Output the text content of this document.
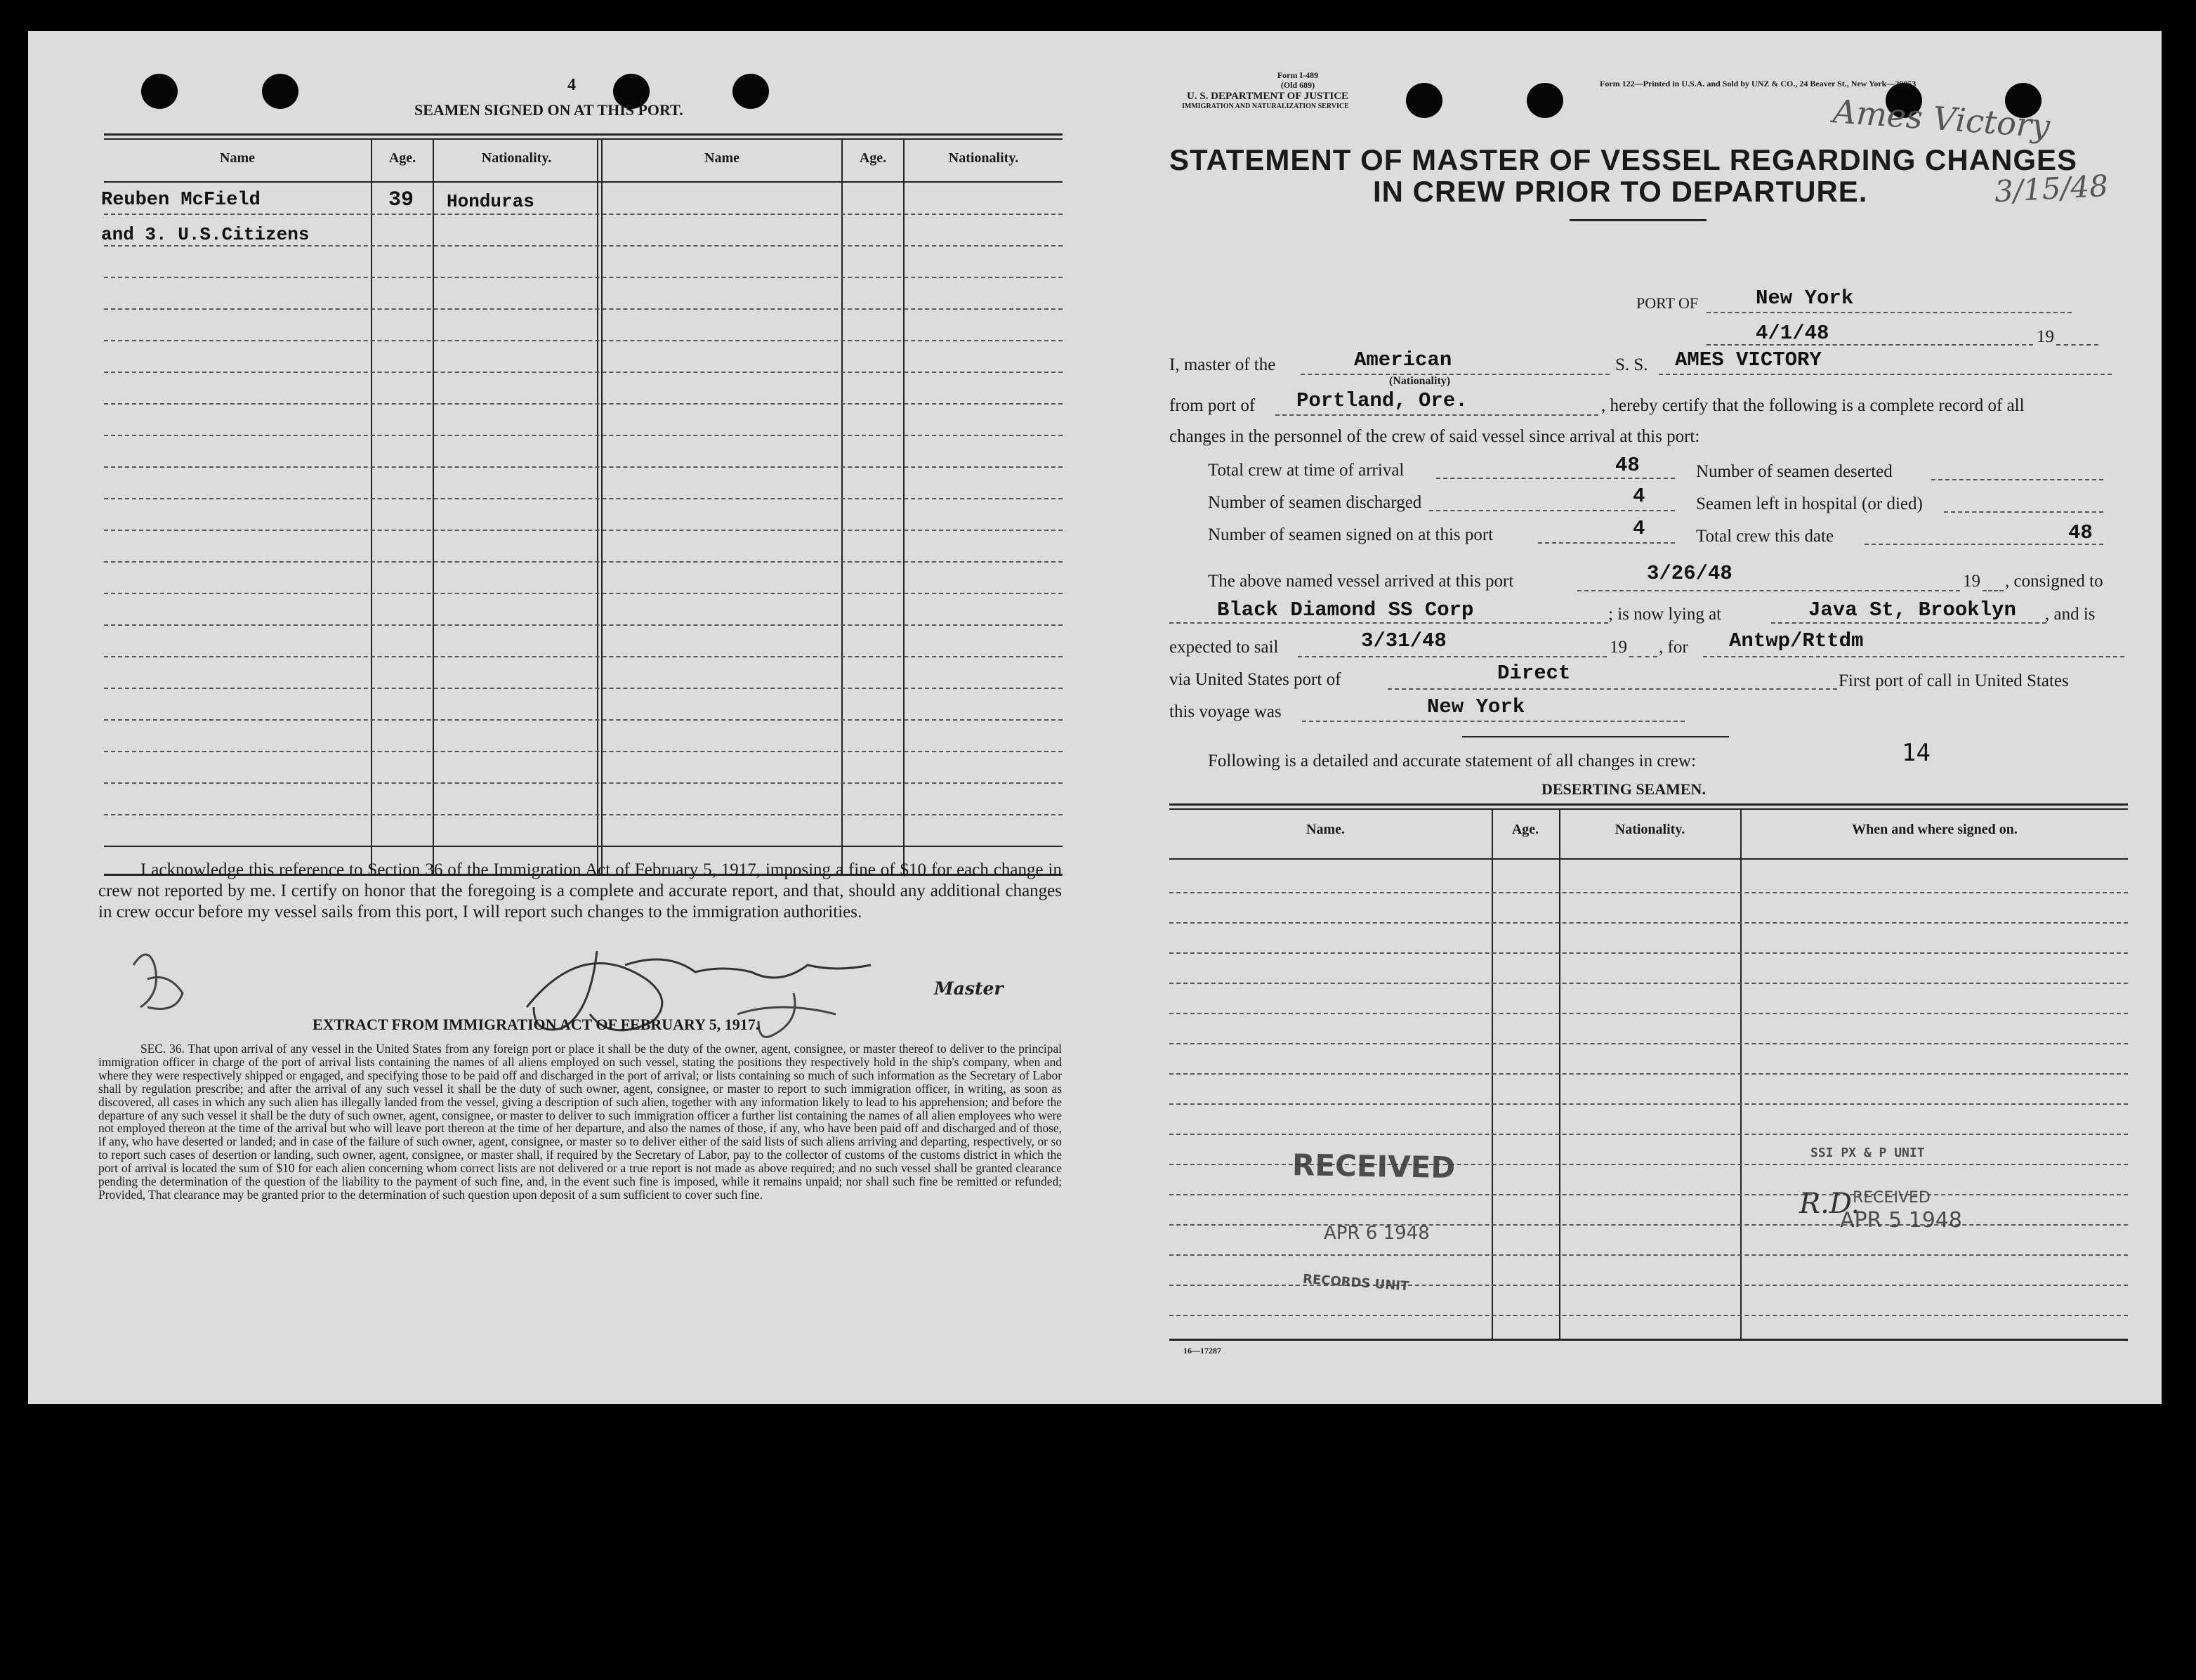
4
SEAMEN SIGNED ON AT THIS PORT.
Name	Age.	Nationality.	Name	Age.	Nationality.
Reuben McField	39	Honduras
and 3. U.S.Citizens
I acknowledge this reference to Section 36 of the Immigration Act of February 5, 1917, imposing a fine of $10 for each change in crew not reported by me. I certify on honor that the foregoing is a complete and accurate report, and that, should any additional changes in crew occur before my vessel sails from this port, I will report such changes to the immigration authorities.
Master
EXTRACT FROM IMMIGRATION ACT OF FEBRUARY 5, 1917.
SEC. 36. That upon arrival of any vessel in the United States from any foreign port or place it shall be the duty of the owner, agent, consignee, or master thereof to deliver to the principal immigration officer in charge of the port of arrival lists containing the names of all aliens employed on such vessel, stating the positions they respectively hold in the ship's company, when and where they were respectively shipped or engaged, and specifying those to be paid off and discharged in the port of arrival; or lists containing so much of such information as the Secretary of Labor shall by regulation prescribe; and after the arrival of any such vessel it shall be the duty of such owner, agent, consignee, or master to report to such immigration officer, in writing, as soon as discovered, all cases in which any such alien has illegally landed from the vessel, giving a description of such alien, together with any information likely to lead to his apprehension; and before the departure of any such vessel it shall be the duty of such owner, agent, consignee, or master to deliver to such immigration officer a further list containing the names of all alien employees who were not employed thereon at the time of the arrival but who will leave port thereon at the time of her departure, and also the names of those, if any, who have been paid off and discharged and of those, if any, who have deserted or landed; and in case of the failure of such owner, agent, consignee, or master so to deliver either of the said lists of such aliens arriving and departing, respectively, or so to report such cases of desertion or landing, such owner, agent, consignee, or master shall, if required by the Secretary of Labor, pay to the collector of customs of the customs district in which the port of arrival is located the sum of $10 for each alien concerning whom correct lists are not delivered or a true report is not made as above required; and no such vessel shall be granted clearance pending the determination of the question of the liability to the payment of such fine, and, in the event such fine is imposed, while it remains unpaid; nor shall such fine be remitted or refunded; Provided, That clearance may be granted prior to the determination of such question upon deposit of a sum sufficient to cover such fine.
Form I-489
(Old 689)
U. S. DEPARTMENT OF JUSTICE
IMMIGRATION AND NATURALIZATION SERVICE
Form 122—Printed in U.S.A. and Sold by UNZ & CO., 24 Beaver St., New York—29053
Ames Victory
3/15/48
STATEMENT OF MASTER OF VESSEL REGARDING CHANGES
IN CREW PRIOR TO DEPARTURE.
PORT OF	New York
4/1/48	19
I, master of the	American
(Nationality)
S. S. AMES VICTORY
from port of Portland, Ore.	, hereby certify that the following is a complete record of all
changes in the personnel of the crew of said vessel since arrival at this port:
Total crew at time of arrival	48	Number of seamen deserted
Number of seamen discharged	4	Seamen left in hospital (or died)
Number of seamen signed on at this port	4	Total crew this date	48
The above named vessel arrived at this port	3/26/48	19 , consigned to
Black Diamond SS Corp	; is now lying at	Java St, Brooklyn , and is
expected to sail	3/31/48	19 , for Antwp/Rttdm
via United States port of	Direct	First port of call in United States
this voyage was	New York
Following is a detailed and accurate statement of all changes in crew:	14
DESERTING SEAMEN.
Name.	Age.	Nationality.	When and where signed on.
16—17287
RECEIVED
APR 6 1948
RECORDS UNIT
SSI PX & P UNIT
R.D.
RECEIVED
APR 5 1948
